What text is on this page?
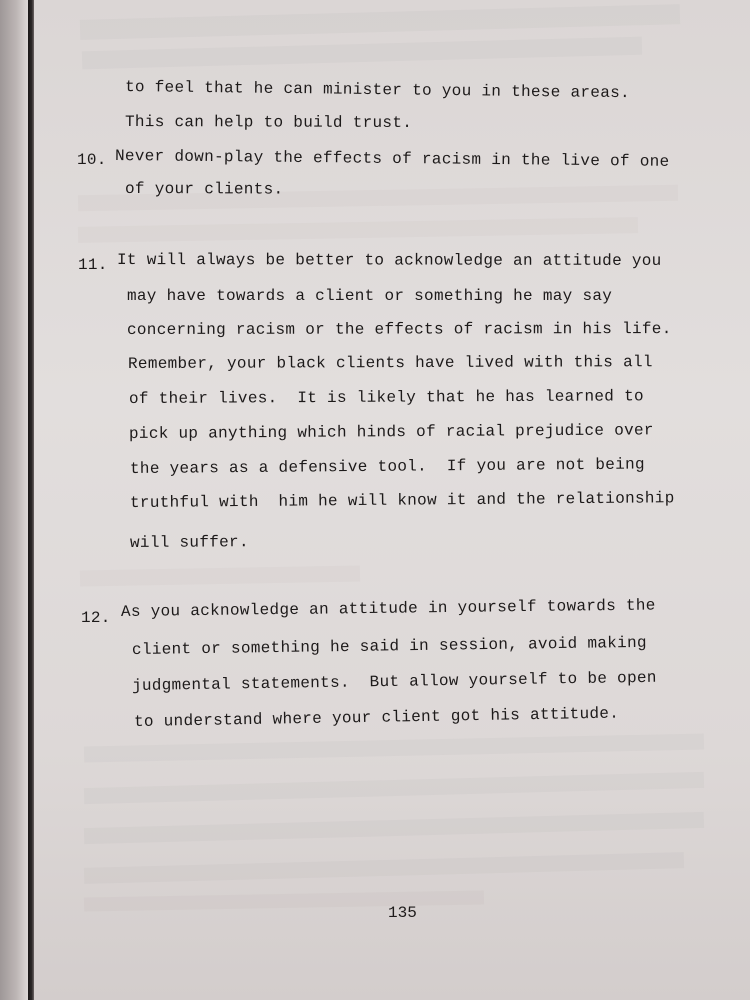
to feel that he can minister to you in these areas.
This can help to build trust.
10. Never down-play the effects of racism in the live of one
of your clients.
11. It will always be better to acknowledge an attitude you
may have towards a client or something he may say
concerning racism or the effects of racism in his life.
Remember, your black clients have lived with this all
of their lives.  It is likely that he has learned to
pick up anything which hinds of racial prejudice over
the years as a defensive tool.  If you are not being
truthful with  him he will know it and the relationship
will suffer.
12. As you acknowledge an attitude in yourself towards the
client or something he said in session, avoid making
judgmental statements.  But allow yourself to be open
to understand where your client got his attitude.
135
